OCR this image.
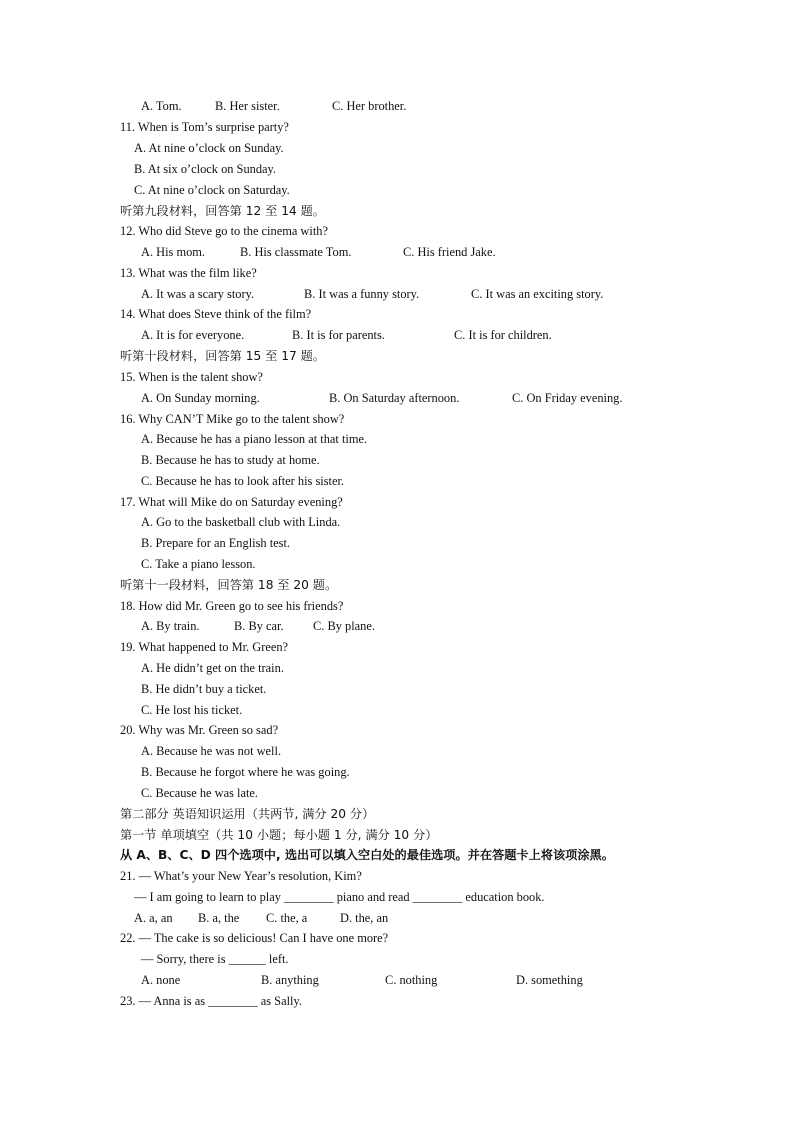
A. Tom.	B. Her sister.	C. Her brother.
11. When is Tom’s surprise party?
A. At nine o’clock on Sunday.
B. At six o’clock on Sunday.
C. At nine o’clock on Saturday.
听第九段材料，回答第 12 至 14 题。
12. Who did Steve go to the cinema with?
A. His mom.	B. His classmate Tom.	C. His friend Jake.
13. What was the film like?
A. It was a scary story.	B. It was a funny story.	C. It was an exciting story.
14. What does Steve think of the film?
A. It is for everyone.	B. It is for parents.	C. It is for children.
听第十段材料，回答第 15 至 17 题。
15. When is the talent show?
A. On Sunday morning.	B. On Saturday afternoon.	C. On Friday evening.
16. Why CAN’T Mike go to the talent show?
A. Because he has a piano lesson at that time.
B. Because he has to study at home.
C. Because he has to look after his sister.
17. What will Mike do on Saturday evening?
A. Go to the basketball club with Linda.
B. Prepare for an English test.
C. Take a piano lesson.
听第十一段材料，回答第 18 至 20 题。
18. How did Mr. Green go to see his friends?
A. By train.	B. By car. C. By plane.
19. What happened to Mr. Green?
A. He didn’t get on the train.
B. He didn’t buy a ticket.
C. He lost his ticket.
20. Why was Mr. Green so sad?
A. Because he was not well.
B. Because he forgot where he was going.
C. Because he was late.
第二部分 英语知识运用（共两节, 满分 20 分）
第一节 单项填空（共 10 小题；每小题 1 分, 满分 10 分）
从 A、B、C、D 四个选项中, 选出可以填入空白处的最佳选项。并在答题卡上将该项涂黑。
21. — What’s your New Year’s resolution, Kim?
— I am going to learn to play ________ piano and read ________ education book.
A. a, an B. a, the C. the, a	D. the, an
22. — The cake is so delicious! Can I have one more?
— Sorry, there is ______ left.
A. none	B. anything	C. nothing	D. something
23. — Anna is as ________ as Sally.
